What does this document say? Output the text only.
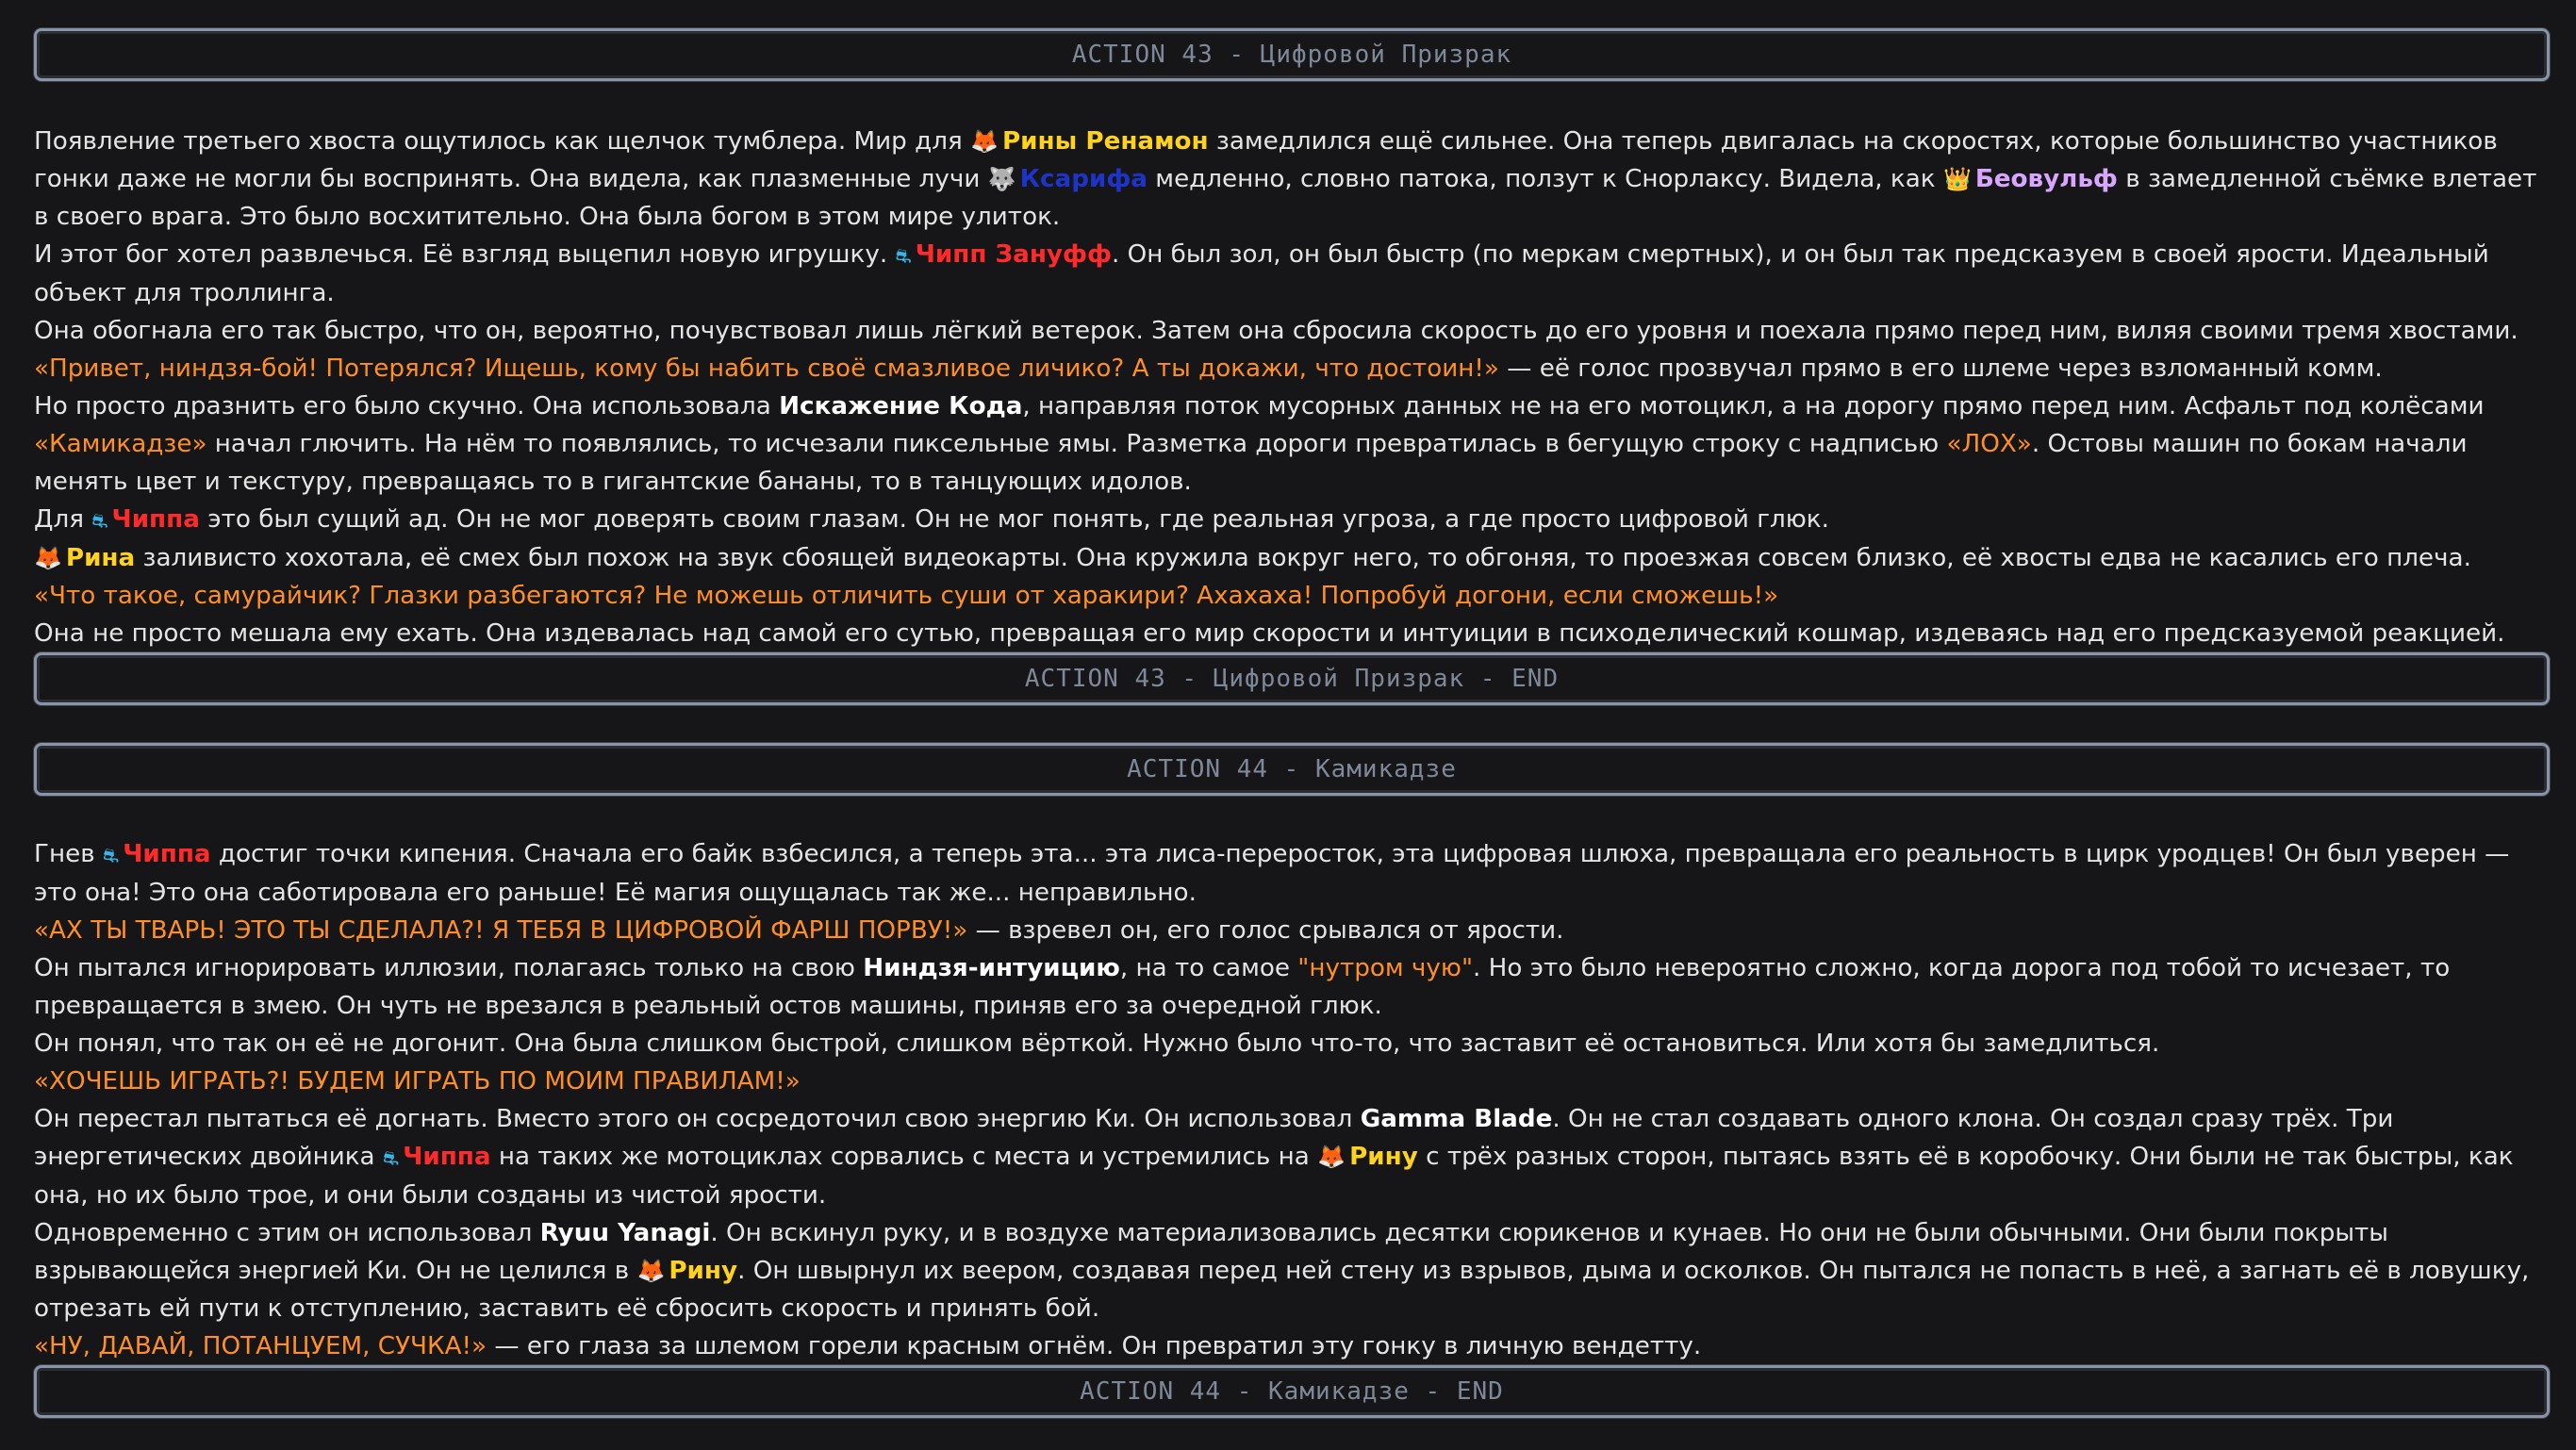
ACTION 43 - Цифровой Призрак

Появление третьего хвоста ощутилось как щелчок тумблера. Мир для 🦊 Рины Ренамон замедлился ещё сильнее. Она теперь двигалась на скоростях, которые большинство участников гонки даже не могли бы воспринять. Она видела, как плазменные лучи 🐺 Ксарифа медленно, словно патока, ползут к Снорлаксу. Видела, как 👑 Беовульф в замедленной съёмке влетает в своего врага. Это было восхитительно. Она была богом в этом мире улиток.

И этот бог хотел развлечься. Её взгляд выцепил новую игрушку. ⛐ Чипп Зануфф. Он был зол, он был быстр (по меркам смертных), и он был так предсказуем в своей ярости. Идеальный объект для троллинга.

Она обогнала его так быстро, что он, вероятно, почувствовал лишь лёгкий ветерок. Затем она сбросила скорость до его уровня и поехала прямо перед ним, виляя своими тремя хвостами.

«Привет, ниндзя-бой! Потерялся? Ищешь, кому бы набить своё смазливое личико? А ты докажи, что достоин!» — её голос прозвучал прямо в его шлеме через взломанный комм.

Но просто дразнить его было скучно. Она использовала Искажение Кода, направляя поток мусорных данных не на его мотоцикл, а на дорогу прямо перед ним. Асфальт под колёсами «Камикадзе» начал глючить. На нём то появлялись, то исчезали пиксельные ямы. Разметка дороги превратилась в бегущую строку с надписью «ЛОХ». Остовы машин по бокам начали менять цвет и текстуру, превращаясь то в гигантские бананы, то в танцующих идолов.

Для ⛐ Чиппа это был сущий ад. Он не мог доверять своим глазам. Он не мог понять, где реальная угроза, а где просто цифровой глюк.

🦊 Рина заливисто хохотала, её смех был похож на звук сбоящей видеокарты. Она кружила вокруг него, то обгоняя, то проезжая совсем близко, её хвосты едва не касались его плеча.

«Что такое, самурайчик? Глазки разбегаются? Не можешь отличить суши от харакири? Ахахаха! Попробуй догони, если сможешь!»

Она не просто мешала ему ехать. Она издевалась над самой его сутью, превращая его мир скорости и интуиции в психоделический кошмар, издеваясь над его предсказуемой реакцией.

ACTION 43 - Цифровой Призрак - END
ACTION 44 - Камикадзе

Гнев ⛐ Чиппа достиг точки кипения. Сначала его байк взбесился, а теперь эта... эта лиса-переросток, эта цифровая шлюха, превращала его реальность в цирк уродцев! Он был уверен — это она! Это она саботировала его раньше! Её магия ощущалась так же... неправильно.

«АХ ТЫ ТВАРЬ! ЭТО ТЫ СДЕЛАЛА?! Я ТЕБЯ В ЦИФРОВОЙ ФАРШ ПОРВУ!» — взревел он, его голос срывался от ярости.

Он пытался игнорировать иллюзии, полагаясь только на свою Ниндзя-интуицию, на то самое "нутром чую". Но это было невероятно сложно, когда дорога под тобой то исчезает, то превращается в змею. Он чуть не врезался в реальный остов машины, приняв его за очередной глюк.

Он понял, что так он её не догонит. Она была слишком быстрой, слишком вёрткой. Нужно было что-то, что заставит её остановиться. Или хотя бы замедлиться.

«ХОЧЕШЬ ИГРАТЬ?! БУДЕМ ИГРАТЬ ПО МОИМ ПРАВИЛАМ!»

Он перестал пытаться её догнать. Вместо этого он сосредоточил свою энергию Ки. Он использовал Gamma Blade. Он не стал создавать одного клона. Он создал сразу трёх. Три энергетических двойника ⛐ Чиппа на таких же мотоциклах сорвались с места и устремились на 🦊 Рину с трёх разных сторон, пытаясь взять её в коробочку. Они были не так быстры, как она, но их было трое, и они были созданы из чистой ярости.

Одновременно с этим он использовал Ryuu Yanagi. Он вскинул руку, и в воздухе материализовались десятки сюрикенов и кунаев. Но они не были обычными. Они были покрыты взрывающейся энергией Ки. Он не целился в 🦊 Рину. Он швырнул их веером, создавая перед ней стену из взрывов, дыма и осколков. Он пытался не попасть в неё, а загнать её в ловушку, отрезать ей пути к отступлению, заставить её сбросить скорость и принять бой.

«НУ, ДАВАЙ, ПОТАНЦУЕМ, СУЧКА!» — его глаза за шлемом горели красным огнём. Он превратил эту гонку в личную вендетту.

ACTION 44 - Камикадзе - END
